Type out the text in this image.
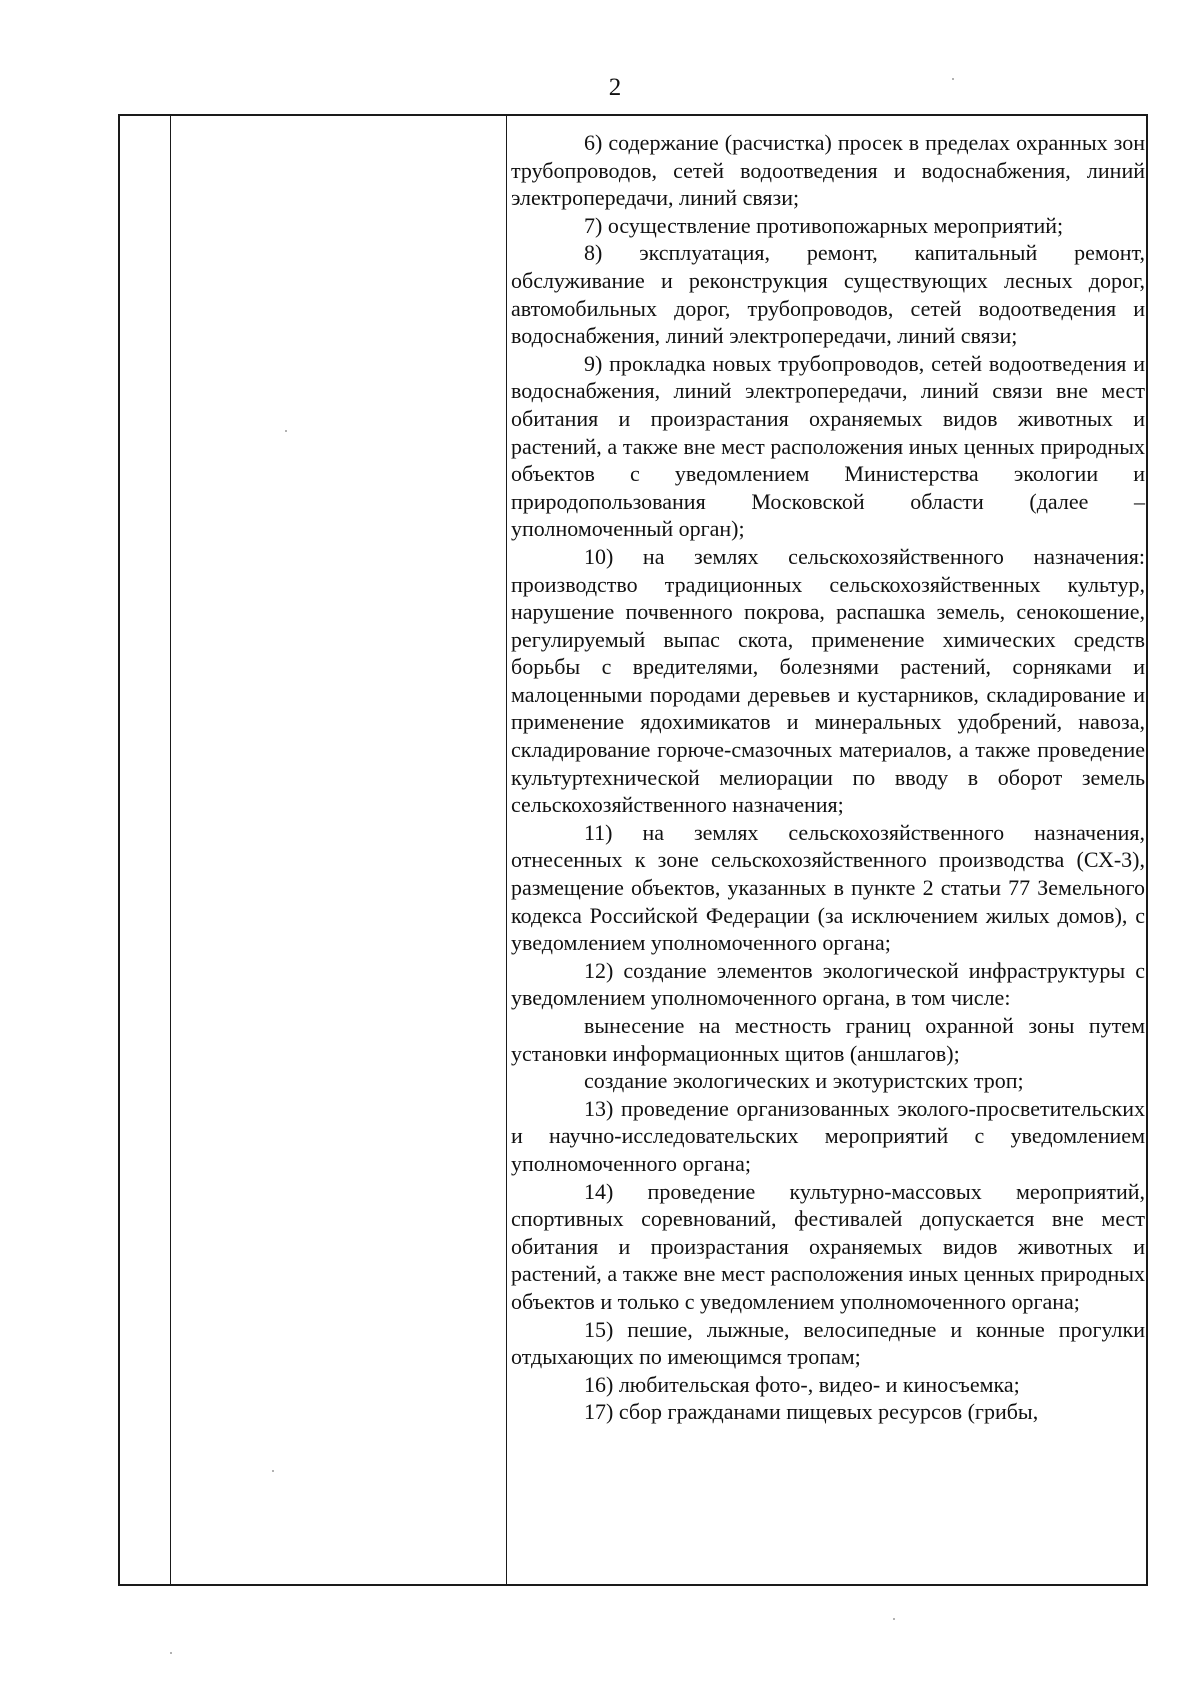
2

6) содержание (расчистка) просек в пределах охранных зон трубопроводов, сетей водоотведения и водоснабжения, линий электропередачи, линий связи;

7) осуществление противопожарных мероприятий;

8) эксплуатация, ремонт, капитальный ремонт, обслуживание и реконструкция существующих лесных дорог, автомобильных дорог, трубопроводов, сетей водоотведения и водоснабжения, линий электропередачи, линий связи;

9) прокладка новых трубопроводов, сетей водоотведения и водоснабжения, линий электропередачи, линий связи вне мест обитания и произрастания охраняемых видов животных и растений, а также вне мест расположения иных ценных природных объектов с уведомлением Министерства экологии и природопользования Московской области (далее – уполномоченный орган);

10) на землях сельскохозяйственного назначения: производство традиционных сельскохозяйственных культур, нарушение почвенного покрова, распашка земель, сенокошение, регулируемый выпас скота, применение химических средств борьбы с вредителями, болезнями растений, сорняками и малоценными породами деревьев и кустарников, складирование и применение ядохимикатов и минеральных удобрений, навоза, складирование горюче-смазочных материалов, а также проведение культуртехнической мелиорации по вводу в оборот земель сельскохозяйственного назначения;

11) на землях сельскохозяйственного назначения, отнесенных к зоне сельскохозяйственного производства (СХ-3), размещение объектов, указанных в пункте 2 статьи 77 Земельного кодекса Российской Федерации (за исключением жилых домов), с уведомлением уполномоченного органа;

12) создание элементов экологической инфраструктуры с уведомлением уполномоченного органа, в том числе:

вынесение на местность границ охранной зоны путем установки информационных щитов (аншлагов);

создание экологических и экотуристских троп;

13) проведение организованных эколого-просветительских и научно-исследовательских мероприятий с уведомлением уполномоченного органа;

14) проведение культурно-массовых мероприятий, спортивных соревнований, фестивалей допускается вне мест обитания и произрастания охраняемых видов животных и растений, а также вне мест расположения иных ценных природных объектов и только с уведомлением уполномоченного органа;

15) пешие, лыжные, велосипедные и конные прогулки отдыхающих по имеющимся тропам;

16) любительская фото-, видео- и киносъемка;

17) сбор гражданами пищевых ресурсов (грибы,
